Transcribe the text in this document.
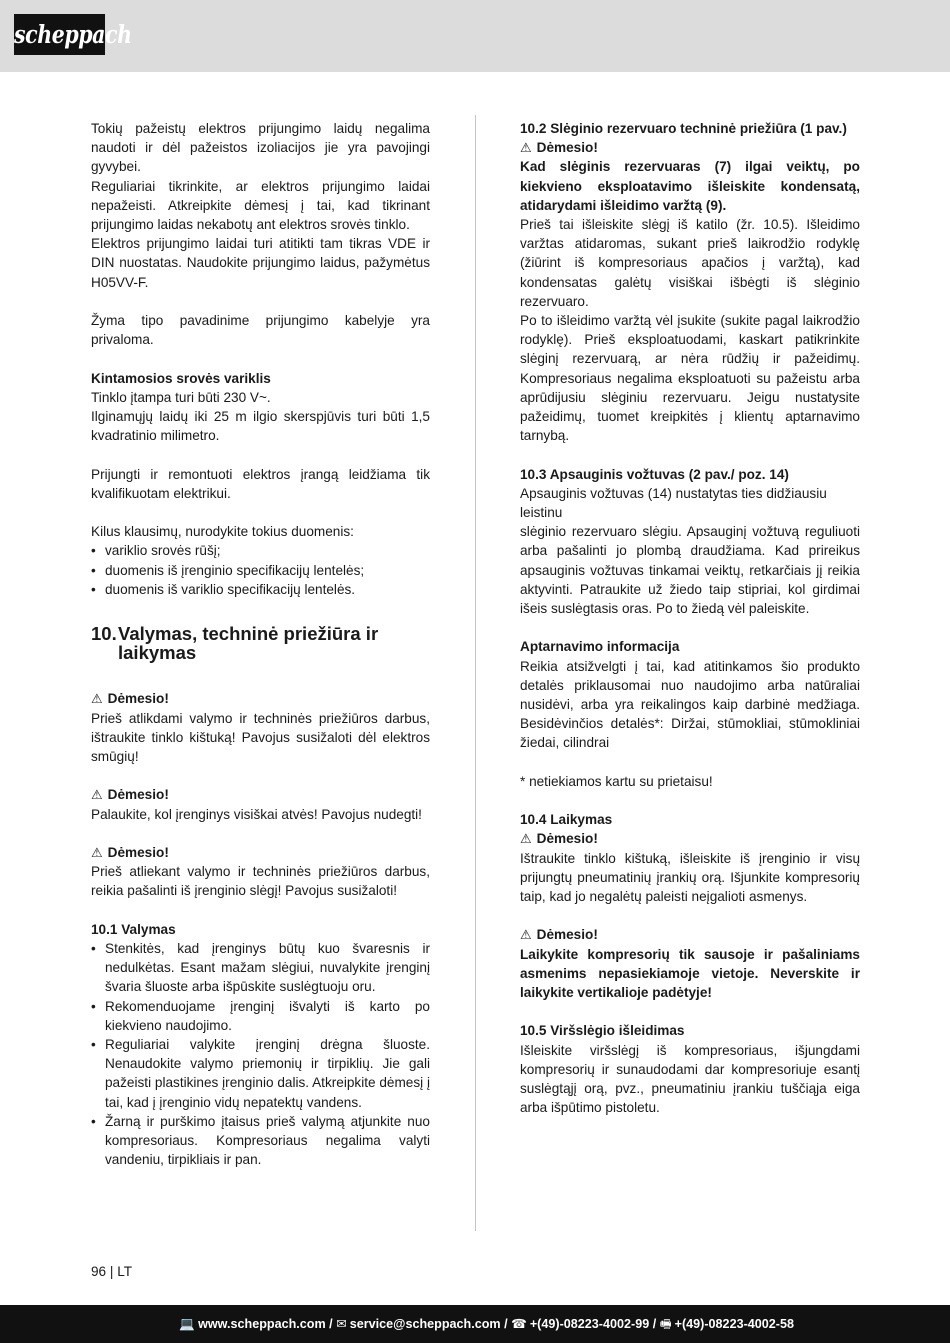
scheppach

Tokių pažeistų elektros prijungimo laidų negalima naudoti ir dėl pažeistos izoliacijos jie yra pavojingi gyvybei.

Reguliariai tikrinkite, ar elektros prijungimo laidai nepažeisti. Atkreipkite dėmesį į tai, kad tikrinant prijungimo laidas nekabotų ant elektros srovės tinklo.

Elektros prijungimo laidai turi atitikti tam tikras VDE ir DIN nuostatas. Naudokite prijungimo laidus, pažymėtus H05VV-F.

Žyma tipo pavadinime prijungimo kabelyje yra privaloma.

Kintamosios srovės variklis

Tinklo įtampa turi būti 230 V~.

Ilginamųjų laidų iki 25 m ilgio skerspjūvis turi būti 1,5 kvadratinio milimetro.

Prijungti ir remontuoti elektros įrangą leidžiama tik kvalifikuotam elektrikui.

Kilus klausimų, nurodykite tokius duomenis:

• variklio srovės rūšį;
• duomenis iš įrenginio specifikacijų lentelės;
• duomenis iš variklio specifikacijų lentelės.
10. Valymas, techninė priežiūra ir laikymas

⚠ Dėmesio!

Prieš atlikdami valymo ir techninės priežiūros darbus, ištraukite tinklo kištuką! Pavojus susižaloti dėl elektros smūgių!

⚠ Dėmesio!

Palaukite, kol įrenginys visiškai atvės! Pavojus nudegti!

⚠ Dėmesio!

Prieš atliekant valymo ir techninės priežiūros darbus, reikia pašalinti iš įrenginio slėgį! Pavojus susižaloti!

10.1 Valymas

• Stenkitės, kad įrenginys būtų kuo švaresnis ir nedulkėtas. Esant mažam slėgiui, nuvalykite įrenginį švaria šluoste arba išpūskite suslėgtuoju oru.
• Rekomenduojame įrenginį išvalyti iš karto po kiekvieno naudojimo.
• Reguliariai valykite įrenginį drėgna šluoste. Nenaudokite valymo priemonių ir tirpiklių. Jie gali pažeisti plastikines įrenginio dalis. Atkreipkite dėmesį į tai, kad į įrenginio vidų nepatektų vandens.
• Žarną ir purškimo įtaisus prieš valymą atjunkite nuo kompresoriaus. Kompresoriaus negalima valyti vandeniu, tirpikliais ir pan.

10.2 Slėginio rezervuaro techninė priežiūra (1 pav.)

⚠ Dėmesio!

Kad slėginis rezervuaras (7) ilgai veiktų, po kiekvieno eksploatavimo išleiskite kondensatą, atidarydami išleidimo varžtą (9).

Prieš tai išleiskite slėgį iš katilo (žr. 10.5). Išleidimo varžtas atidaromas, sukant prieš laikrodžio rodyklę (žiūrint iš kompresoriaus apačios į varžtą), kad kondensatas galėtų visiškai išbėgti iš slėginio rezervuaro.

Po to išleidimo varžtą vėl įsukite (sukite pagal laikrodžio rodyklę). Prieš eksploatuodami, kaskart patikrinkite slėginį rezervuarą, ar nėra rūdžių ir pažeidimų. Kompresoriaus negalima eksploatuoti su pažeistu arba aprūdijusiu slėginiu rezervuaru. Jeigu nustatysite pažeidimų, tuomet kreipkitės į klientų aptarnavimo tarnybą.

10.3 Apsauginis vožtuvas (2 pav./ poz. 14)

Apsauginis vožtuvas (14) nustatytas ties didžiausiu leistinu

slėginio rezervuaro slėgiu. Apsauginį vožtuvą reguliuoti arba pašalinti jo plombą draudžiama. Kad prireikus apsauginis vožtuvas tinkamai veiktų, retkarčiais jį reikia aktyvinti. Patraukite už žiedo taip stipriai, kol girdimai išeis suslėgtasis oras. Po to žiedą vėl paleiskite.

Aptarnavimo informacija

Reikia atsižvelgti į tai, kad atitinkamos šio produkto detalės priklausomai nuo naudojimo arba natūraliai nusidėvi, arba yra reikalingos kaip darbinė medžiaga. Besidėvinčios detalės*: Diržai, stūmokliai, stūmokliniai žiedai, cilindrai

* netiekiamos kartu su prietaisu!

10.4 Laikymas

⚠ Dėmesio!

Ištraukite tinklo kištuką, išleiskite iš įrenginio ir visų prijungtų pneumatinių įrankių orą. Išjunkite kompresorių taip, kad jo negalėtų paleisti neįgalioti asmenys.

⚠ Dėmesio!

Laikykite kompresorių tik sausoje ir pašaliniams asmenims nepasiekiamoje vietoje. Neverskite ir laikykite vertikalioje padėtyje!

10.5 Viršslėgio išleidimas

Išleiskite viršslėgį iš kompresoriaus, išjungdami kompresorių ir sunaudodami dar kompresoriuje esantį suslėgtąjį orą, pvz., pneumatiniu įrankiu tuščiąja eiga arba išpūtimo pistoletu.

96 | LT
💻 www.scheppach.com / ✉ service@scheppach.com / ☎ +(49)-08223-4002-99 / 🖷 +(49)-08223-4002-58
